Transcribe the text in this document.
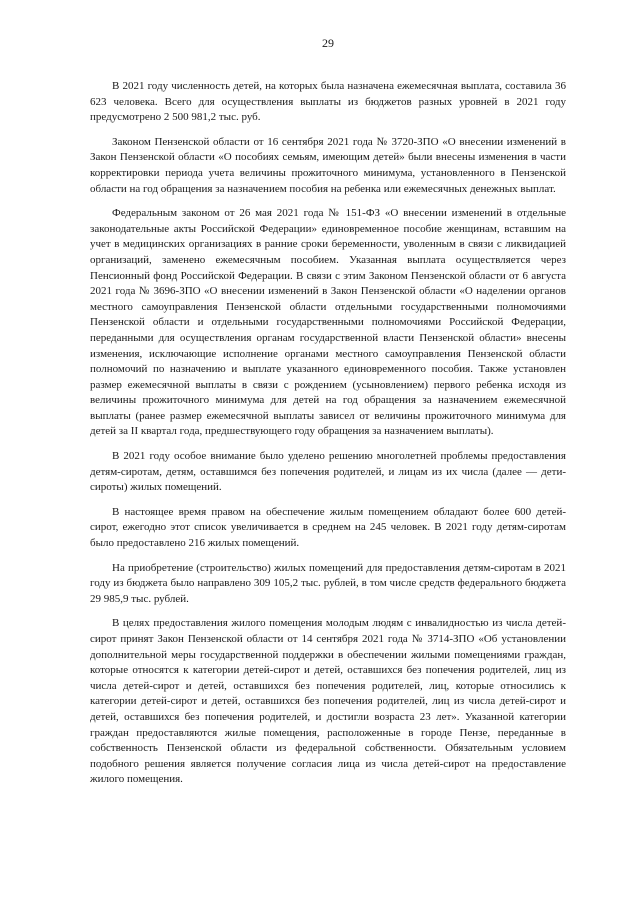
29

В 2021 году численность детей, на которых была назначена ежемесячная выплата, составила 36 623 человека. Всего для осуществления выплаты из бюджетов разных уровней в 2021 году предусмотрено 2 500 981,2 тыс. руб.

Законом Пензенской области от 16 сентября 2021 года № 3720-ЗПО «О внесении изменений в Закон Пензенской области «О пособиях семьям, имеющим детей» были внесены изменения в части корректировки периода учета величины прожиточного минимума, установленного в Пензенской области на год обращения за назначением пособия на ребенка или ежемесячных денежных выплат.

Федеральным законом от 26 мая 2021 года № 151-ФЗ «О внесении изменений в отдельные законодательные акты Российской Федерации» единовременное пособие женщинам, вставшим на учет в медицинских организациях в ранние сроки беременности, уволенным в связи с ликвидацией организаций, заменено ежемесячным пособием. Указанная выплата осуществляется через Пенсионный фонд Российской Федерации. В связи с этим Законом Пензенской области от 6 августа 2021 года № 3696-ЗПО «О внесении изменений в Закон Пензенской области «О наделении органов местного самоуправления Пензенской области отдельными государственными полномочиями Пензенской области и отдельными государственными полномочиями Российской Федерации, переданными для осуществления органам государственной власти Пензенской области» внесены изменения, исключающие исполнение органами местного самоуправления Пензенской области полномочий по назначению и выплате указанного единовременного пособия. Также установлен размер ежемесячной выплаты в связи с рождением (усыновлением) первого ребенка исходя из величины прожиточного минимума для детей на год обращения за назначением ежемесячной выплаты (ранее размер ежемесячной выплаты зависел от величины прожиточного минимума для детей за II квартал года, предшествующего году обращения за назначением выплаты).

В 2021 году особое внимание было уделено решению многолетней проблемы предоставления детям-сиротам, детям, оставшимся без попечения родителей, и лицам из их числа (далее — дети-сироты) жилых помещений.

В настоящее время правом на обеспечение жилым помещением обладают более 600 детей-сирот, ежегодно этот список увеличивается в среднем на 245 человек. В 2021 году детям-сиротам было предоставлено 216 жилых помещений.

На приобретение (строительство) жилых помещений для предоставления детям-сиротам в 2021 году из бюджета было направлено 309 105,2 тыс. рублей, в том числе средств федерального бюджета 29 985,9 тыс. рублей.

В целях предоставления жилого помещения молодым людям с инвалидностью из числа детей-сирот принят Закон Пензенской области от 14 сентября 2021 года № 3714-ЗПО «Об установлении дополнительной меры государственной поддержки в обеспечении жилыми помещениями граждан, которые относятся к категории детей-сирот и детей, оставшихся без попечения родителей, лиц из числа детей-сирот и детей, оставшихся без попечения родителей, лиц, которые относились к категории детей-сирот и детей, оставшихся без попечения родителей, лиц из числа детей-сирот и детей, оставшихся без попечения родителей, и достигли возраста 23 лет». Указанной категории граждан предоставляются жилые помещения, расположенные в городе Пензе, переданные в собственность Пензенской области из федеральной собственности. Обязательным условием подобного решения является получение согласия лица из числа детей-сирот на предоставление жилого помещения.
